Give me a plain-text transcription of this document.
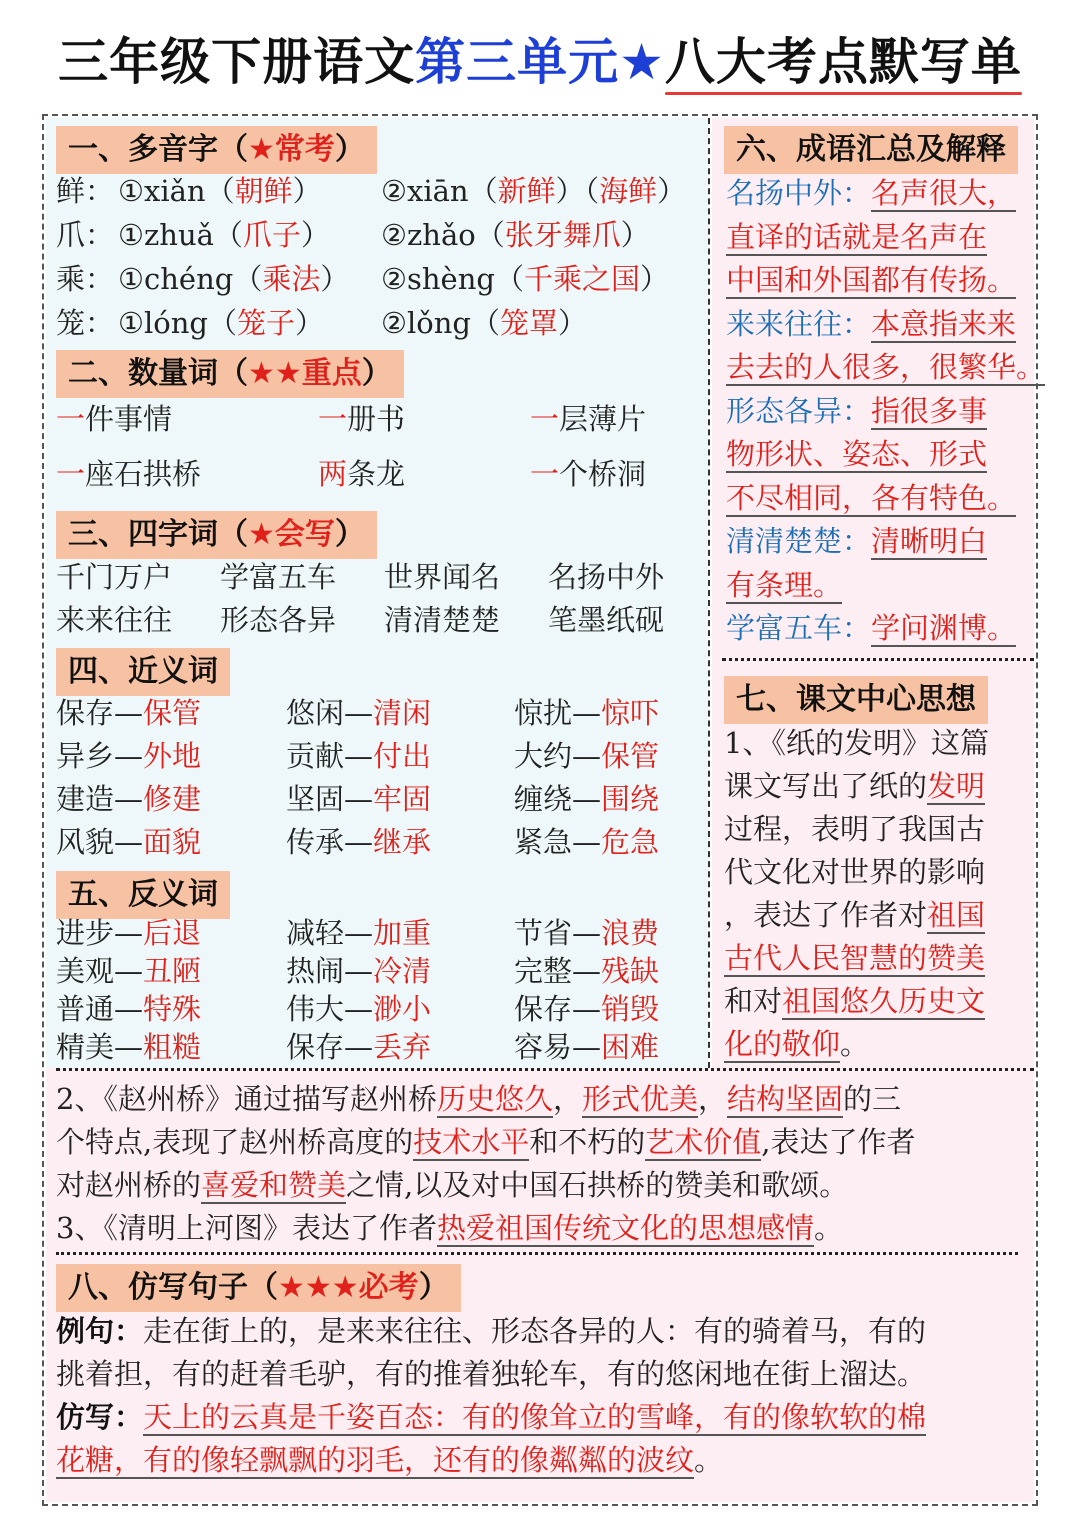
三年级下册语文第三单元★八大考点默写单
一、多音字（★常考）
鲜： ①xiǎn（朝鲜） ②xiān（新鲜）（海鲜）
爪： ①zhuǎ（爪子） ②zhǎo（张牙舞爪）
乘： ①chéng（乘法） ②shèng（千乘之国）
笼： ①lóng（笼子） ②lǒng（笼罩）
二、数量词（★★重点）
一件事情	一册书	一层薄片
一座石拱桥	两条龙	一个桥洞
三、四字词（★会写）
千门万户 学富五车 世界闻名 名扬中外
来来往往 形态各异 清清楚楚 笔墨纸砚
四、近义词
保存—保管	悠闲—清闲	惊扰—惊吓
异乡—外地	贡献—付出	大约—保管
建造—修建	坚固—牢固	缠绕—围绕
风貌—面貌	传承—继承	紧急—危急
五、反义词
进步—后退	减轻—加重	节省—浪费
美观—丑陋	热闹—冷清	完整—残缺
普通—特殊	伟大—渺小	保存—销毁
精美—粗糙	保存—丢弃	容易—困难
六、成语汇总及解释
名扬中外：名声很大，
直译的话就是名声在
中国和外国都有传扬。
来来往往：本意指来来
去去的人很多，很繁华。
形态各异：指很多事
物形状、姿态、形式
不尽相同，各有特色。
清清楚楚：清晰明白
有条理。
学富五车：学问渊博。
七、课文中心思想
1、《纸的发明》这篇
课文写出了纸的发明
过程，表明了我国古
代文化对世界的影响
，表达了作者对祖国
古代人民智慧的赞美
和对祖国悠久历史文
化的敬仰。
2、《赵州桥》通过描写赵州桥历史悠久，形式优美，结构坚固的三
个特点,表现了赵州桥高度的技术水平和不朽的艺术价值,表达了作者
对赵州桥的喜爱和赞美之情,以及对中国石拱桥的赞美和歌颂。
3、《清明上河图》表达了作者热爱祖国传统文化的思想感情。
八、仿写句子（★★★必考）
例句：走在街上的，是来来往往、形态各异的人：有的骑着马，有的
挑着担，有的赶着毛驴，有的推着独轮车，有的悠闲地在街上溜达。
仿写：天上的云真是千姿百态：有的像耸立的雪峰，有的像软软的棉
花糖，有的像轻飘飘的羽毛，还有的像粼粼的波纹。
